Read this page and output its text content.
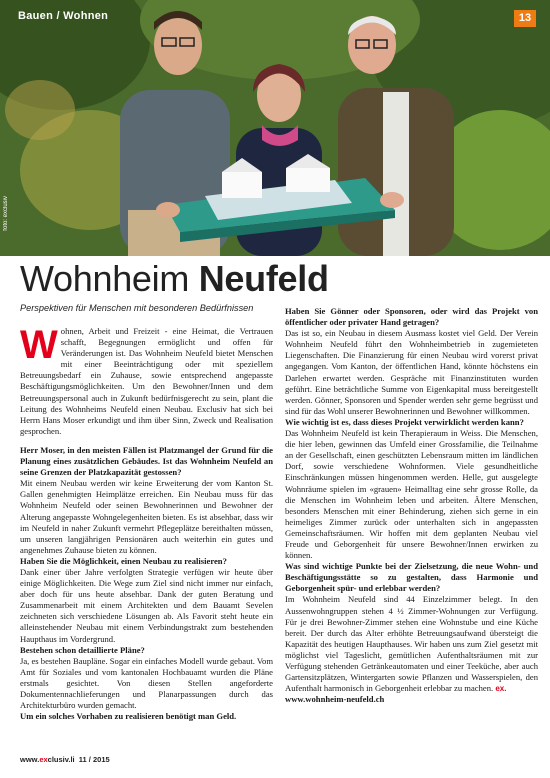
Bauen / Wohnen	13
foto: exclusiv
Wohnheim Neufeld
Perspektiven für Menschen mit besonderen Bedürfnissen

Wohnen, Arbeit und Freizeit - eine Heimat, die Vertrauen schafft, Begegnungen ermöglicht und offen für Veränderungen ist. Das Wohnheim Neufeld bietet Menschen mit einer Beeinträchtigung oder mit speziellem Betreuungsbedarf ein Zuhause, sowie entsprechend angepasste Beschäftigungsmöglichkeiten. Um den Bewohner/Innen und dem Betreuungspersonal auch in Zukunft bedürfnisgerecht zu sein, plant die Leitung des Wohnheims Neufeld einen Neubau. Exclusiv hat sich bei Herrn Hans Moser erkundigt und ihm über Sinn, Zweck und Realisation gesprochen.

Herr Moser, in den meisten Fällen ist Platzmangel der Grund für die Planung eines zusätzlichen Gebäudes. Ist das Wohnheim Neufeld an seine Grenzen der Platzkapazität gestossen?

Mit einem Neubau werden wir keine Erweiterung der vom Kanton St. Gallen genehmigten Heimplätze erreichen. Ein Neubau muss für das Wohnheim Neufeld oder seinen Bewohnerinnen und Bewohner der Alterung angepasste Wohngelegenheiten bieten. Es ist absehbar, dass wir im Neufeld in naher Zukunft vermehrt Pflegeplätze bereithalten müssen, um unseren langjährigen Pensionären auch weiterhin ein gutes und angenehmes Zuhause bieten zu können.

Haben Sie die Möglichkeit, einen Neubau zu realisieren?

Dank einer über Jahre verfolgten Strategie verfügen wir heute über einige Möglichkeiten. Die Wege zum Ziel sind nicht immer nur einfach, aber doch für uns heute absehbar. Dank der guten Beratung und Zusammenarbeit mit einem Architekten und dem Bauamt Sevelen zeichneten sich verschiedene Lösungen ab. Als Favorit steht heute ein alleinstehender Neubau mit einem Verbindungstrakt zum bestehenden Haupthaus im Vordergrund.

Bestehen schon detaillierte Pläne?

Ja, es bestehen Baupläne. Sogar ein einfaches Modell wurde gebaut. Vom Amt für Soziales und vom kantonalen Hochbauamt wurden die Pläne erstmals gesichtet. Von diesen Stellen angeforderte Dokumentennachlieferungen und Planarpassungen durch das Architekturbüro wurden gemacht.

Um ein solches Vorhaben zu realisieren benötigt man Geld.

Haben Sie Gönner oder Sponsoren, oder wird das Projekt von öffentlicher oder privater Hand getragen?

Das ist so, ein Neubau in diesem Ausmass kostet viel Geld. Der Verein Wohnheim Neufeld führt den Wohnheimbetrieb in zugemieteten Liegenschaften. Die Finanzierung für einen Neubau wird vorerst privat angegangen. Vom Kanton, der öffentlichen Hand, könnte höchstens ein Darlehen erwartet werden. Gespräche mit Finanzinstituten wurden geführt. Eine beträchtliche Summe von Eigenkapital muss bereitgestellt werden. Gönner, Sponsoren und Spender werden sehr gerne begrüsst und sind für das Wohl unserer Bewohnerinnen und Bewohner willkommen.

Wie wichtig ist es, dass dieses Projekt verwirklicht werden kann?

Das Wohnheim Neufeld ist kein Therapieraum in Weiss. Die Menschen, die hier leben, gewinnen das Umfeld einer Grossfamilie, die Teilnahme an der Gesellschaft, einen geschützten Lebensraum mitten im ländlichen Dorf, sowie verschiedene Wohnformen. Viele gesundheitliche Einschränkungen müssen hingenommen werden. Helle, gut ausgelegte Wohnräume spielen im «grauen» Heimalltag eine sehr grosse Rolle, da die Menschen im Wohnheim leben und arbeiten. Ältere Menschen, besonders Menschen mit einer Behinderung, ziehen sich gerne in ein heimeliges Zimmer zurück oder unterhalten sich in angepassten Gemeinschaftsräumen. Wir hoffen mit dem geplanten Neubau viel Freude und Geborgenheit für unsere Bewohner/Innen erwirken zu können.

Was sind wichtige Punkte bei der Zielsetzung, die neue Wohn- und Beschäftigungsstätte so zu gestalten, dass Harmonie und Geborgenheit spür- und erlebbar werden?

Im Wohnheim Neufeld sind 44 Einzelzimmer belegt. In den Aussenwohngruppen stehen 4 ½ Zimmer-Wohnungen zur Verfügung. Für je drei Bewohner-Zimmer stehen eine Wohnstube und eine Küche bereit. Der durch das Alter erhöhte Betreuungsaufwand übersteigt die Kapazität des heutigen Haupthauses. Wir haben uns zum Ziel gesetzt mit möglichst viel Tageslicht, gemütlichen Aufenthaltsräumen mit zur Verfügung stehenden Getränkeautomaten und einer Teeküche, aber auch Gartensitzplätzen, Wintergarten sowie Pflanzen und Wasserspielen, den Aufenthalt harmonisch in Geborgenheit erlebbar zu machen. ex.

www.wohnheim-neufeld.ch

www.exclusiv.li  11 / 2015
